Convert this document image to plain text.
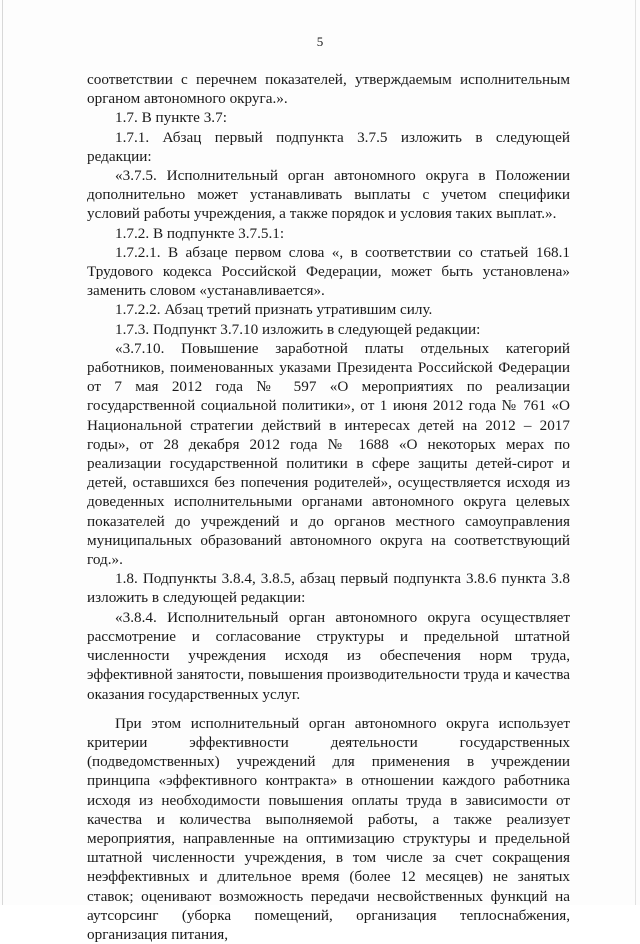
5

соответствии с перечнем показателей, утверждаемым исполнительным органом автономного округа.».

1.7. В пункте 3.7:

1.7.1. Абзац первый подпункта 3.7.5 изложить в следующей редакции:

«3.7.5. Исполнительный орган автономного округа в Положении дополнительно может устанавливать выплаты с учетом специфики условий работы учреждения, а также порядок и условия таких выплат.».

1.7.2. В подпункте 3.7.5.1:

1.7.2.1. В абзаце первом слова «, в соответствии со статьей 168.1 Трудового кодекса Российской Федерации, может быть установлена» заменить словом «устанавливается».

1.7.2.2. Абзац третий признать утратившим силу.

1.7.3. Подпункт 3.7.10 изложить в следующей редакции:

«3.7.10. Повышение заработной платы отдельных категорий работников, поименованных указами Президента Российской Федерации от 7 мая 2012 года № 597 «О мероприятиях по реализации государственной социальной политики», от 1 июня 2012 года № 761 «О Национальной стратегии действий в интересах детей на 2012 – 2017 годы», от 28 декабря 2012 года № 1688 «О некоторых мерах по реализации государственной политики в сфере защиты детей-сирот и детей, оставшихся без попечения родителей», осуществляется исходя из доведенных исполнительными органами автономного округа целевых показателей до учреждений и до органов местного самоуправления муниципальных образований автономного округа на соответствующий год.».

1.8. Подпункты 3.8.4, 3.8.5, абзац первый подпункта 3.8.6 пункта 3.8 изложить в следующей редакции:

«3.8.4. Исполнительный орган автономного округа осуществляет рассмотрение и согласование структуры и предельной штатной численности учреждения исходя из обеспечения норм труда, эффективной занятости, повышения производительности труда и качества оказания государственных услуг.

При этом исполнительный орган автономного округа использует критерии эффективности деятельности государственных (подведомственных) учреждений для применения в учреждении принципа «эффективного контракта» в отношении каждого работника исходя из необходимости повышения оплаты труда в зависимости от качества и количества выполняемой работы, а также реализует мероприятия, направленные на оптимизацию структуры и предельной штатной численности учреждения, в том числе за счет сокращения неэффективных и длительное время (более 12 месяцев) не занятых ставок; оценивают возможность передачи несвойственных функций на аутсорсинг (уборка помещений, организация теплоснабжения, организация питания,
